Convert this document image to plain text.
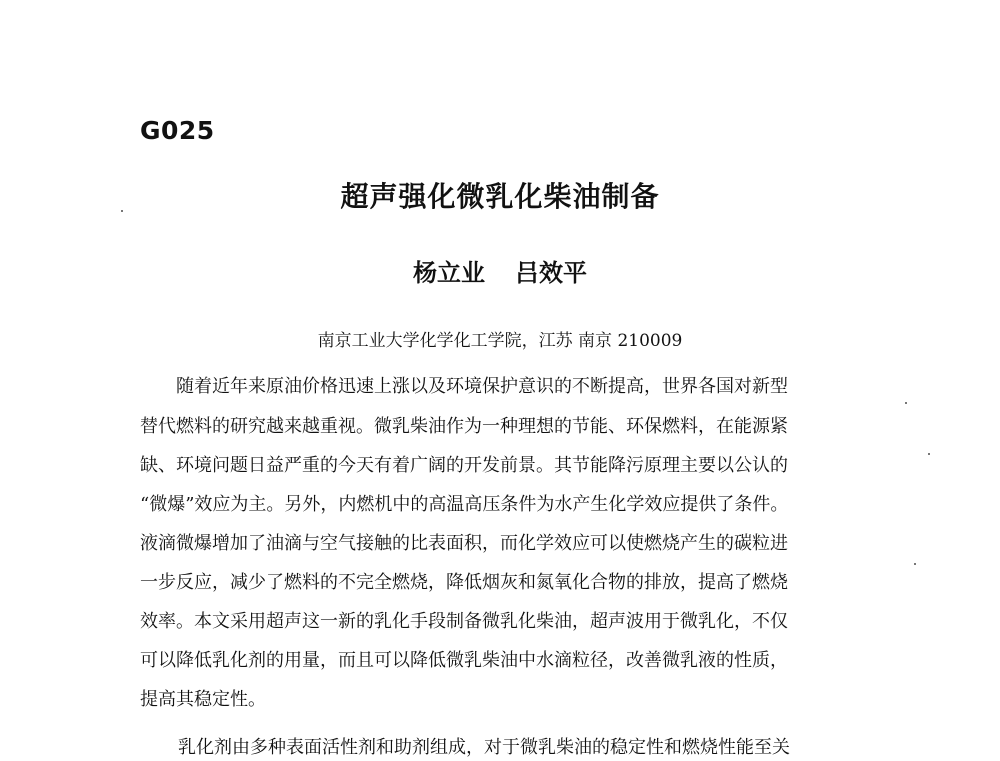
G025
超声强化微乳化柴油制备
杨立业 吕效平
南京工业大学化学化工学院，江苏 南京 210009
随着近年来原油价格迅速上涨以及环境保护意识的不断提高，世界各国对新型
替代燃料的研究越来越重视。微乳柴油作为一种理想的节能、环保燃料，在能源紧
缺、环境问题日益严重的今天有着广阔的开发前景。其节能降污原理主要以公认的
“微爆”效应为主。另外，内燃机中的高温高压条件为水产生化学效应提供了条件。
液滴微爆增加了油滴与空气接触的比表面积，而化学效应可以使燃烧产生的碳粒进
一步反应，减少了燃料的不完全燃烧，降低烟灰和氮氧化合物的排放，提高了燃烧
效率。本文采用超声这一新的乳化手段制备微乳化柴油，超声波用于微乳化，不仅
可以降低乳化剂的用量，而且可以降低微乳柴油中水滴粒径，改善微乳液的性质，
提高其稳定性。
乳化剂由多种表面活性剂和助剂组成，对于微乳柴油的稳定性和燃烧性能至关
